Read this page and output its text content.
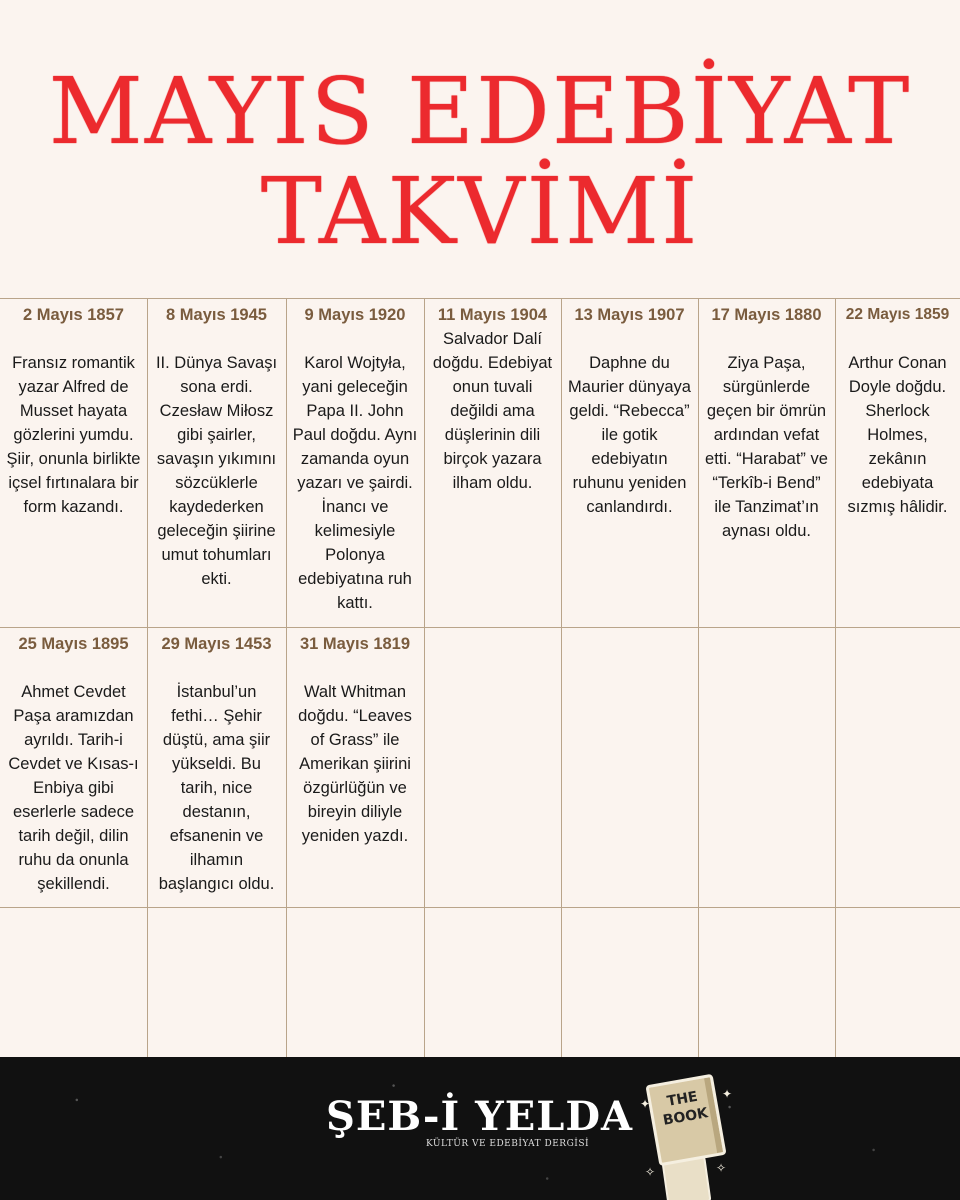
MAYIS EDEBİYAT
TAKVİMİ
2 Mayıs 1857
Fransız romantik yazar Alfred de Musset hayata gözlerini yumdu. Şiir, onunla birlikte içsel fırtınalara bir form kazandı.
8 Mayıs 1945
II. Dünya Savaşı sona erdi. Czesław Miłosz gibi şairler, savaşın yıkımını sözcüklerle kaydederken geleceğin şiirine umut tohumları ekti.
9 Mayıs 1920
Karol Wojtyła, yani geleceğin Papa II. John Paul doğdu. Aynı zamanda oyun yazarı ve şairdi. İnancı ve kelimesiyle Polonya edebiyatına ruh kattı.
11 Mayıs 1904
Salvador Dalí doğdu. Edebiyat onun tuvali değildi ama düşlerinin dili birçok yazara ilham oldu.
13 Mayıs 1907
Daphne du Maurier dünyaya geldi. “Rebecca” ile gotik edebiyatın ruhunu yeniden canlandırdı.
17 Mayıs 1880
Ziya Paşa, sürgünlerde geçen bir ömrün ardından vefat etti. “Harabat” ve “Terkîb-i Bend” ile Tanzimat’ın aynası oldu.
22 Mayıs 1859
Arthur Conan Doyle doğdu. Sherlock Holmes, zekânın edebiyata sızmış hâlidir.
25 Mayıs 1895
Ahmet Cevdet Paşa aramızdan ayrıldı. Tarih-i Cevdet ve Kısas-ı Enbiya gibi eserlerle sadece tarih değil, dilin ruhu da onunla şekillendi.
29 Mayıs 1453
İstanbul’un fethi… Şehir düştü, ama şiir yükseldi. Bu tarih, nice destanın, efsanenin ve ilhamın başlangıcı oldu.
31 Mayıs 1819
Walt Whitman doğdu. “Leaves of Grass” ile Amerikan şiirini özgürlüğün ve bireyin diliyle yeniden yazdı.
ŞEB-İ YELDA
KÜLTÜR VE EDEBİYAT DERGİSİ
THE BOOK
✦
✦
✧	✧
